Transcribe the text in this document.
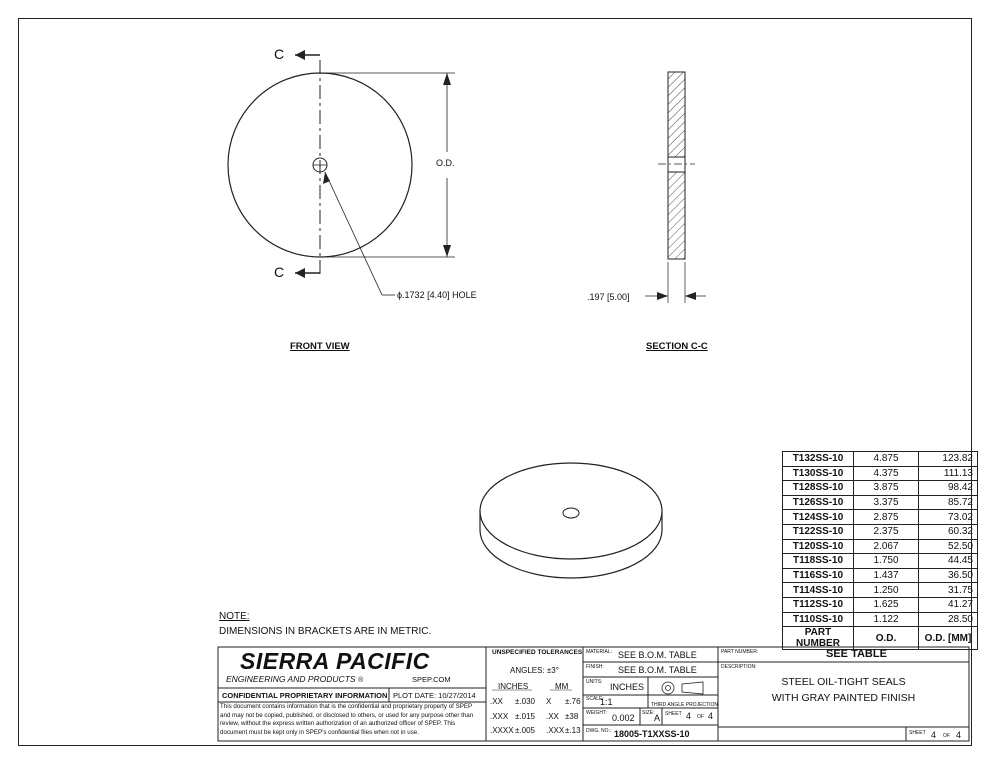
C
C
O.D.
ϕ.1732 [4.40] HOLE	.197 [5.00]
FRONT VIEW	SECTION C-C
NOTE:
DIMENSIONS IN BRACKETS ARE IN METRIC.
T132SS-10	4.875	123.82
T130SS-10	4.375	111.13
T128SS-10	3.875	98.42
T126SS-10	3.375	85.72
T124SS-10	2.875	73.02
T122SS-10	2.375	60.32
T120SS-10	2.067	52.50
T118SS-10	1.750	44.45
T116SS-10	1.437	36.50
T114SS-10	1.250	31.75
T112SS-10	1.625	41.27
T110SS-10	1.122	28.50
PART NUMBER	O.D.	O.D. [MM]
SIERRA PACIFIC
ENGINEERING AND PRODUCTS ®	SPEP.COM
CONFIDENTIAL PROPRIETARY INFORMATION PLOT DATE: 10/27/2014
This document contains information that is the confidential and proprietary property of SPEP and may not be copied, published, or disclosed to others, or used for any purpose other than review, without the express written authorization of an authorized officer of SPEP. This document must be kept only in SPEP's confidential files when not in use.
UNSPECIFIED TOLERANCES
ANGLES: ±3°
INCHES	MM
.XX ±.030 X ±.76
.XXX ±.015 .XX ±38
.XXXX ±.005 .XXX ±.13
MATERIAL: SEE B.O.M. TABLE
FINISH: SEE B.O.M. TABLE
UNITS: INCHES
SCALE:
1:1	THIRD ANGLE PROJECTION
WEIGHT: 0.002 SIZE: A SHEET 4 OF 4
DWG. NO.: 18005-T1XXSS-10
PART NUMBER:	SEE TABLE
DESCRIPTION:
STEEL OIL-TIGHT SEALS
WITH GRAY PAINTED FINISH
SHEET 4 OF 4
